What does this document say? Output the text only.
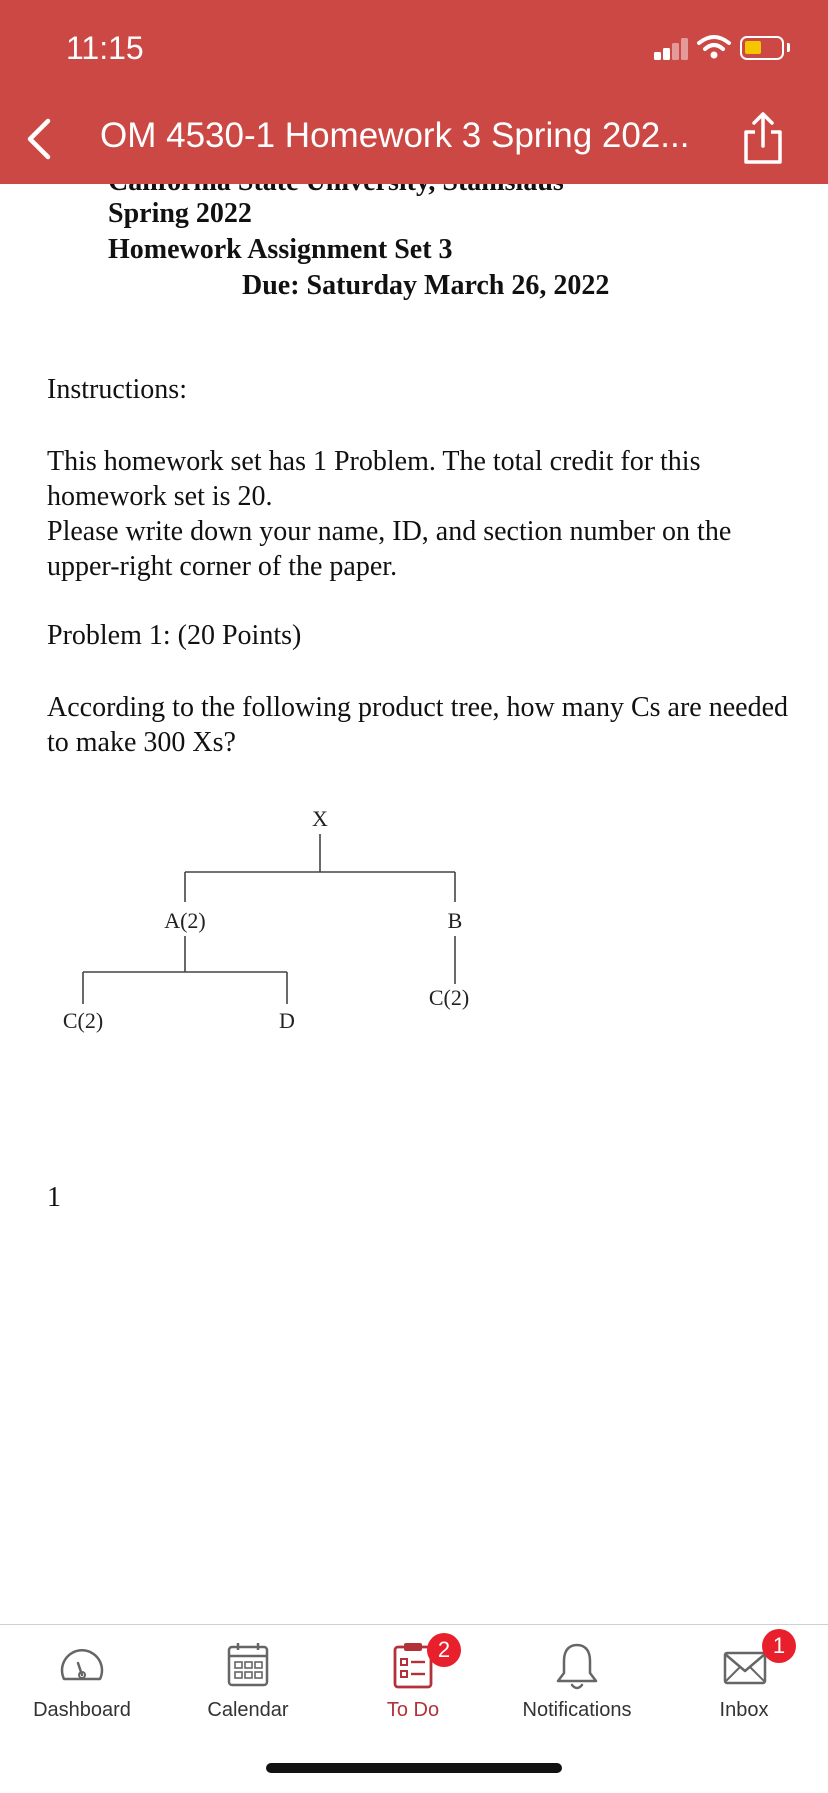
11:15
OM 4530-1 Homework 3 Spring 202...
Spring 2022
Homework Assignment Set 3
Due: Saturday March 26, 2022
Instructions:
This homework set has 1 Problem. The total credit for this homework set is 20.
Please write down your name, ID, and section number on the upper-right corner of the paper.
Problem 1: (20 Points)
According to the following product tree, how many Cs are needed to make 300 Xs?
X
A(2)	B
C(2)	D
C(2)
1
Dashboard	Calendar
2
To Do	Notifications
1
Inbox
